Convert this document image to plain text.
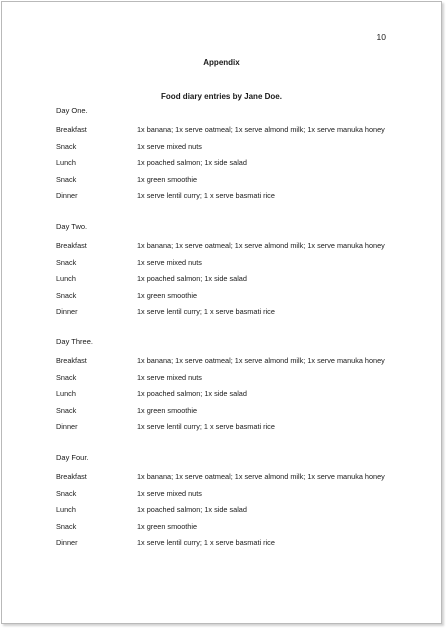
10
Appendix
Food diary entries by Jane Doe.
Day One.
Breakfast	1x banana; 1x serve oatmeal; 1x serve almond milk; 1x serve manuka honey
Snack	1x serve mixed nuts
Lunch	1x poached salmon; 1x side salad
Snack	1x green smoothie
Dinner	1x serve lentil curry; 1 x serve basmati rice
Day Two.
Breakfast	1x banana; 1x serve oatmeal; 1x serve almond milk; 1x serve manuka honey
Snack	1x serve mixed nuts
Lunch	1x poached salmon; 1x side salad
Snack	1x green smoothie
Dinner	1x serve lentil curry; 1 x serve basmati rice
Day Three.
Breakfast	1x banana; 1x serve oatmeal; 1x serve almond milk; 1x serve manuka honey
Snack	1x serve mixed nuts
Lunch	1x poached salmon; 1x side salad
Snack	1x green smoothie
Dinner	1x serve lentil curry; 1 x serve basmati rice
Day Four.
Breakfast	1x banana; 1x serve oatmeal; 1x serve almond milk; 1x serve manuka honey
Snack	1x serve mixed nuts
Lunch	1x poached salmon; 1x side salad
Snack	1x green smoothie
Dinner	1x serve lentil curry; 1 x serve basmati rice
